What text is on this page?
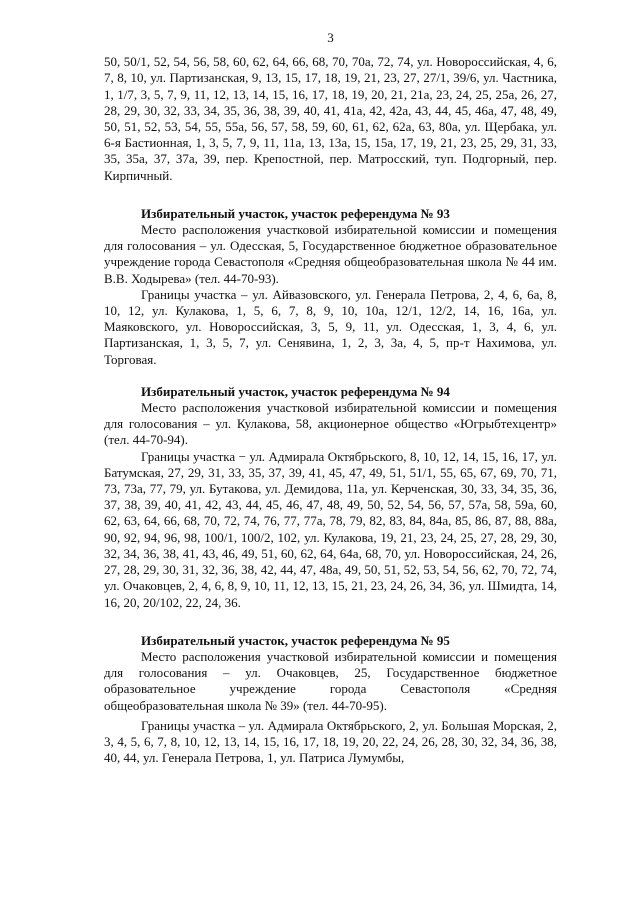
3

50, 50/1, 52, 54, 56, 58, 60, 62, 64, 66, 68, 70, 70а, 72, 74, ул. Новороссийская, 4, 6, 7, 8, 10, ул. Партизанская, 9, 13, 15, 17, 18, 19, 21, 23, 27, 27/1, 39/6, ул. Частника, 1, 1/7, 3, 5, 7, 9, 11, 12, 13, 14, 15, 16, 17, 18, 19, 20, 21, 21а, 23, 24, 25, 25а, 26, 27, 28, 29, 30, 32, 33, 34, 35, 36, 38, 39, 40, 41, 41а, 42, 42а, 43, 44, 45, 46а, 47, 48, 49, 50, 51, 52, 53, 54, 55, 55а, 56, 57, 58, 59, 60, 61, 62, 62а, 63, 80а, ул. Щербака, ул. 6-я Бастионная, 1, 3, 5, 7, 9, 11, 11а, 13, 13а, 15, 15а, 17, 19, 21, 23, 25, 29, 31, 33, 35, 35а, 37, 37а, 39, пер. Крепостной, пер. Матросский, туп. Подгорный, пер. Кирпичный.

Избирательный участок, участок референдума № 93

Место расположения участковой избирательной комиссии и помещения для голосования – ул. Одесская, 5, Государственное бюджетное образовательное учреждение города Севастополя «Средняя общеобразовательная школа № 44 им. В.В. Ходырева» (тел. 44-70-93).

Границы участка – ул. Айвазовского, ул. Генерала Петрова, 2, 4, 6, 6а, 8, 10, 12, ул. Кулакова, 1, 5, 6, 7, 8, 9, 10, 10а, 12/1, 12/2, 14, 16, 16а, ул. Маяковского, ул. Новороссийская, 3, 5, 9, 11, ул. Одесская, 1, 3, 4, 6, ул. Партизанская, 1, 3, 5, 7, ул. Сенявина, 1, 2, 3, 3а, 4, 5, пр-т Нахимова, ул. Торговая.

Избирательный участок, участок референдума № 94

Место расположения участковой избирательной комиссии и помещения для голосования – ул. Кулакова, 58, акционерное общество «Югрыбтехцентр» (тел. 44-70-94).

Границы участка − ул. Адмирала Октябрьского, 8, 10, 12, 14, 15, 16, 17, ул. Батумская, 27, 29, 31, 33, 35, 37, 39, 41, 45, 47, 49, 51, 51/1, 55, 65, 67, 69, 70, 71, 73, 73а, 77, 79, ул. Бутакова, ул. Демидова, 11а, ул. Керченская, 30, 33, 34, 35, 36, 37, 38, 39, 40, 41, 42, 43, 44, 45, 46, 47, 48, 49, 50, 52, 54, 56, 57, 57а, 58, 59а, 60, 62, 63, 64, 66, 68, 70, 72, 74, 76, 77, 77а, 78, 79, 82, 83, 84, 84а, 85, 86, 87, 88, 88а, 90, 92, 94, 96, 98, 100/1, 100/2, 102, ул. Кулакова, 19, 21, 23, 24, 25, 27, 28, 29, 30, 32, 34, 36, 38, 41, 43, 46, 49, 51, 60, 62, 64, 64а, 68, 70, ул. Новороссийская, 24, 26, 27, 28, 29, 30, 31, 32, 36, 38, 42, 44, 47, 48а, 49, 50, 51, 52, 53, 54, 56, 62, 70, 72, 74, ул. Очаковцев, 2, 4, 6, 8, 9, 10, 11, 12, 13, 15, 21, 23, 24, 26, 34, 36, ул. Шмидта, 14, 16, 20, 20/102, 22, 24, 36.

Избирательный участок, участок референдума № 95

Место расположения участковой избирательной комиссии и помещения для голосования – ул. Очаковцев, 25, Государственное бюджетное образовательное учреждение города Севастополя «Средняя общеобразовательная школа № 39» (тел. 44-70-95).

Границы участка – ул. Адмирала Октябрьского, 2, ул. Большая Морская, 2, 3, 4, 5, 6, 7, 8, 10, 12, 13, 14, 15, 16, 17, 18, 19, 20, 22, 24, 26, 28, 30, 32, 34, 36, 38, 40, 44, ул. Генерала Петрова, 1, ул. Патриса Лумумбы,
